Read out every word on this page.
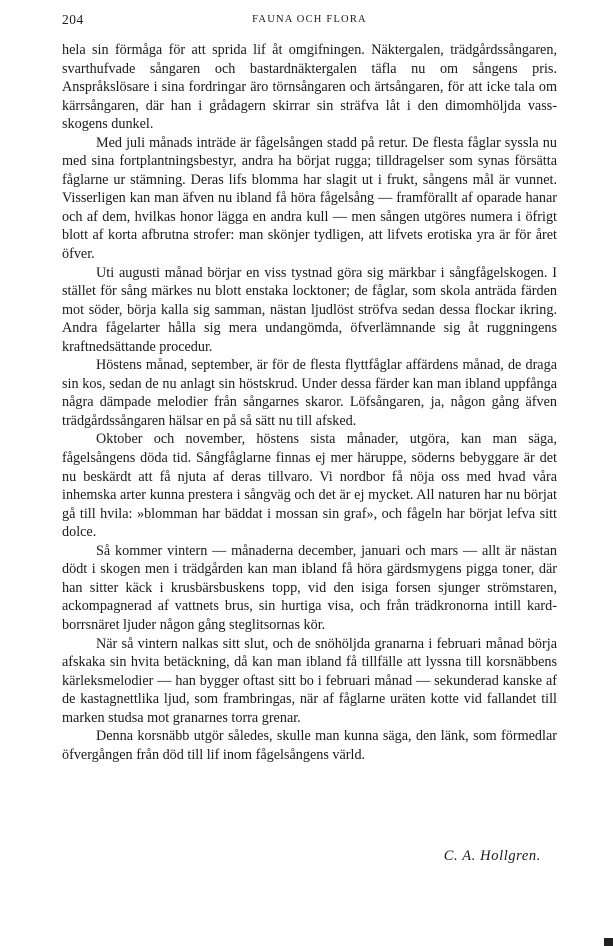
204	FAUNA OCH FLORA

hela sin förmåga för att sprida lif åt omgifningen. Näktergalen, trädgårdssångaren, svarthufvade sångaren och bastardnäktergalen täfla nu om sångens pris. Anspråkslösare i sina fordringar äro törnsångaren och ärtsångaren, för att icke tala om kärrsångaren, där han i grådagern skirrar sin sträfva låt i den dimomhöljda vassskogens dunkel.

Med juli månads inträde är fågelsången stadd på retur. De flesta fåglar syssla nu med sina fortplantningsbestyr, andra ha börjat rugga; tilldragelser som synas försätta fåglarne ur stämning. Deras lifs blomma har slagit ut i frukt, sångens mål är vunnet. Visserligen kan man äfven nu ibland få höra fågelsång — framförallt af oparade hanar och af dem, hvilkas honor lägga en andra kull — men sången utgöres numera i öfrigt blott af korta afbrutna strofer: man skönjer tydligen, att lifvets erotiska yra är för året öfver.

Uti augusti månad börjar en viss tystnad göra sig märkbar i sångfågelskogen. I stället för sång märkes nu blott enstaka locktoner; de fåglar, som skola anträda färden mot söder, börja kalla sig samman, nästan ljudlöst ströfva sedan dessa flockar ikring. Andra fågelarter hålla sig mera undangömda, öfverlämnande sig åt ruggningens kraftnedsättande procedur.

Höstens månad, september, är för de flesta flyttfåglar affärdens månad, de draga sin kos, sedan de nu anlagt sin höstskrud. Under dessa färder kan man ibland uppfånga några dämpade melodier från sångarnes skaror. Löfsångaren, ja, någon gång äfven trädgårdssångaren hälsar en på så sätt nu till afsked.

Oktober och november, höstens sista månader, utgöra, kan man säga, fågelsångens döda tid. Sångfåglarne finnas ej mer häruppe, söderns bebyggare är det nu beskärdt att få njuta af deras tillvaro. Vi nordbor få nöja oss med hvad våra inhemska arter kunna prestera i sångväg och det är ej mycket. All naturen har nu börjat gå till hvila: »blomman har bäddat i mossan sin graf», och fågeln har börjat lefva sitt dolce.

Så kommer vintern — månaderna december, januari och mars — allt är nästan dödt i skogen men i trädgården kan man ibland få höra gärdsmygens pigga toner, där han sitter käck i krusbärsbuskens topp, vid den isiga forsen sjunger strömstaren, ackompagnerad af vattnets brus, sin hurtiga visa, och från trädkronorna intill kardborrsnäret ljuder någon gång steglitsornas kör.

När så vintern nalkas sitt slut, och de snöhöljda granarna i februari månad börja afskaka sin hvita betäckning, då kan man ibland få tillfälle att lyssna till korsnäbbens kärleksmelodier — han bygger oftast sitt bo i februari månad — sekunderad kanske af de kastagnettlika ljud, som frambringas, när af fåglarne uräten kotte vid fallandet till marken studsa mot granarnes torra grenar.

Denna korsnäbb utgör således, skulle man kunna säga, den länk, som förmedlar öfvergången från död till lif inom fågelsångens värld.

C. A. Hollgren.
